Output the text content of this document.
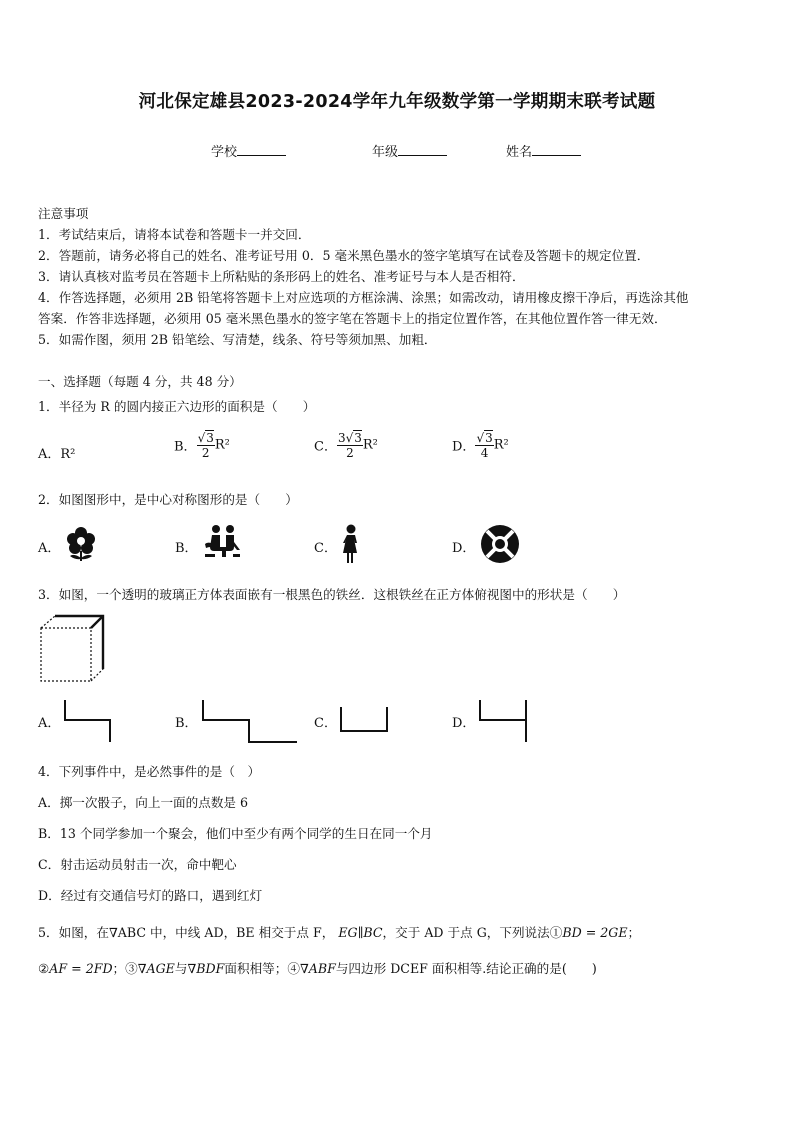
河北保定雄县2023-2024学年九年级数学第一学期期末联考试题
学校	年级	姓名
注意事项
1．考试结束后，请将本试卷和答题卡一并交回．
2．答题前，请务必将自己的姓名、准考证号用 0．5 毫米黑色墨水的签字笔填写在试卷及答题卡的规定位置．
3．请认真核对监考员在答题卡上所粘贴的条形码上的姓名、准考证号与本人是否相符．
4．作答选择题，必须用 2B 铅笔将答题卡上对应选项的方框涂满、涂黑；如需改动，请用橡皮擦干净后，再选涂其他
答案．作答非选择题，必须用 05 毫米黑色墨水的签字笔在答题卡上的指定位置作答，在其他位置作答一律无效．
5．如需作图，须用 2B 铅笔绘、写清楚，线条、符号等须加黑、加粗．
一、选择题（每题 4 分，共 48 分）
1．半径为 R 的圆内接正六边形的面积是（　　）
A．R²	B． $\frac{√3}{2} R^2$	C． $\frac{3√3}{2} R^2$	D． $\frac{√3}{4} R^2$
2．如图图形中，是中心对称图形的是（　　）
A．	B．	C．	D．
3．如图，一个透明的玻璃正方体表面嵌有一根黑色的铁丝．这根铁丝在正方体俯视图中的形状是（　　）
A．	B．	C．	D．
4．下列事件中，是必然事件的是（　）
A．掷一次骰子，向上一面的点数是 6
B．13 个同学参加一个聚会，他们中至少有两个同学的生日在同一个月
C．射击运动员射击一次，命中靶心
D．经过有交通信号灯的路口，遇到红灯
5．如图，在∇ABC 中，中线 AD，BE 相交于点 F， EG∥BC，交于 AD 于点 G，下列说法①BD = 2GE；
②AF = 2FD；③∇AGE与∇BDF面积相等；④∇ABF与四边形 DCEF 面积相等.结论正确的是(　　)
